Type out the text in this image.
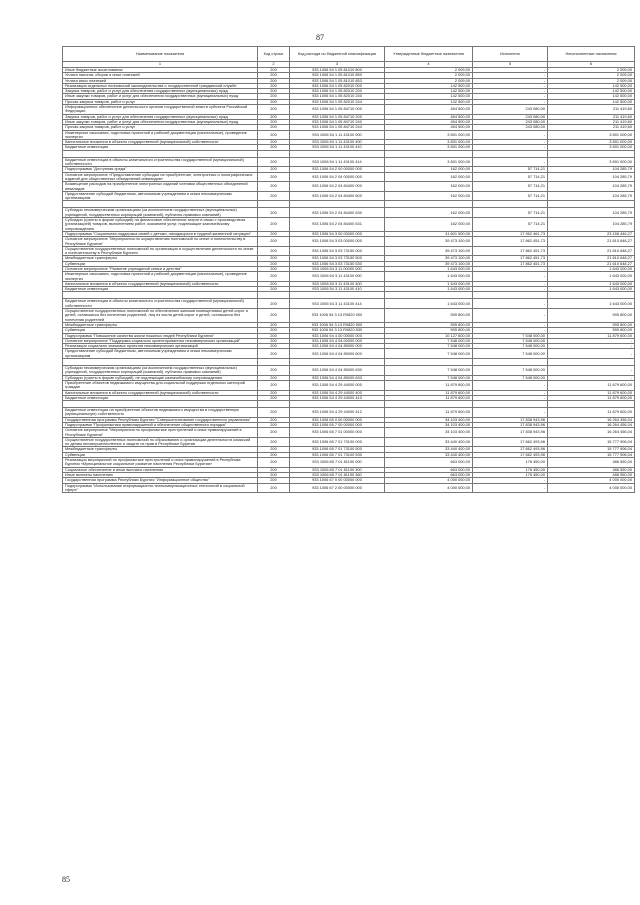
87
Наименование показателя	Код строки	Код расхода по бюджетной классификации	Утвержденные бюджетные назначения	Исполнено	Неисполненные назначения
1	2	3	4	5	6
Иные бюджетные ассигнования	200	933 1006 54 1 05 81010 800	2 009,00	-	2 009,00
Уплата налогов, сборов и иных платежей	200	933 1006 54 1 05 81010 850	2 009,00	-	2 009,00
Уплата иных платежей	200	933 1006 54 1 05 81010 853	2 009,00	-	2 009,00
Реализация отдельных полномочий законодательства о государственной гражданской службе	200	933 1006 54 1 05 82010 000	142 500,00	-	142 500,00
Закупка товаров, работ и услуг для обеспечения государственных (муниципальных) нужд	200	933 1006 54 1 05 82010 200	142 500,00	-	142 500,00
Иные закупки товаров, работ и услуг для обеспечения государственных (муниципальных) нужд	200	933 1006 54 1 05 82010 240	142 500,00	-	142 500,00
Прочая закупка товаров, работ и услуг	200	933 1006 54 1 05 82010 244	142 500,00	-	142 500,00
Информационное обеспечение деятельности органов государственной власти субъекта Российской Федерации	200	933 1006 54 1 05 84710 000	454 500,00	243 080,00	211 419,60
Закупка товаров, работ и услуг для обеспечения государственных (муниципальных) нужд	200	933 1006 54 1 05 84710 200	454 500,00	243 080,00	211 419,60
Иные закупки товаров, работ и услуг для обеспечения государственных (муниципальных) нужд	200	933 1006 54 1 05 84710 240	454 500,00	243 080,00	211 419,60
Прочая закупка товаров, работ и услуг	200	933 1006 54 1 05 84710 244	454 500,00	243 080,00	211 419,60
Инженерные изыскания, подготовка проектной и рабочей документации (капитальные), проведение экспертиз	200	933 1006 54 1 11 43100 000	3 801 000,00	-	3 801 000,00
Капитальные вложения в объекты государственной (муниципальной) собственности	200	933 1006 54 1 11 43100 400	3 801 000,00	-	3 801 000,00
Бюджетные инвестиции	200	933 1006 54 1 11 43100 410	3 801 000,00	-	3 801 000,00

Бюджетные инвестиции в объекты капитального строительства государственной (муниципальной) собственности	200	933 1006 54 1 11 43100 414	3 801 000,00	-	3 801 000,00
Подпрограмма "Доступная среда"	200	933 1006 54 2 00 00000 000	162 000,00	57 714,21	104 285,79
Основное мероприятие «Предоставление субсидии на приобретение, электронных и полиграфических изданий для общественных объединений инвалидов»	200	933 1006 54 2 04 00000 000	162 000,00	57 714,21	104 285,79
Возмещение расходов на приобретение электронных изданий членами общественных объединений инвалидов	200	933 1006 54 2 04 84400 000	162 000,00	57 714,21	104 285,79
Предоставление субсидий бюджетным, автономным учреждениям и иным некоммерческим организациям	200	933 1006 54 2 04 84400 600	162 000,00	57 714,21	104 285,79

Субсидии некоммерческим организациям (за исключением государственных (муниципальных) учреждений, государственных корпораций (компаний), публично-правовых компаний)	200	933 1006 54 2 04 84400 630	162 000,00	57 714,21	104 285,79
Субсидии (гранты в форме субсидий) на финансовое обеспечение затрат в связи с производством (реализацией) товаров, выполнением работ, оказанием услуг, подлежащие казначейскому сопровождению	200	933 1006 54 2 04 84400 631	162 000,00	57 714,21	104 285,79
Подпрограмма "Социальная поддержка семей с детьми, находящихся в трудной жизненной ситуации"	200	933 1006 54 3 00 00000 000	41 601 500,00	17 962 461,73	23 156 446,27
Основное мероприятие "Мероприятия по осуществлению полномочий по опеке и попечительству в Республике Бурятия"	200	933 1006 54 3 03 00000 000	39 473 100,00	17 862 451,73	21 610 648,27
Осуществление государственных полномочий по организации и осуществлению деятельности по опеке и попечительству в Республике Бурятия	200	933 1006 54 3 03 73150 000	39 473 100,00	17 862 451,73	21 610 648,27
Межбюджетные трансферты	200	933 1006 54 3 03 73150 500	39 473 100,00	17 862 451,73	21 610 648,27
Субвенции	200	933 1006 54 3 03 73150 530	39 473 100,00	17 862 451,73	21 610 648,27
Основное мероприятие "Развитие учреждений семьи и детства"	200	933 1006 54 3 11 00000 000	1 643 000,00	-	1 643 000,00
Инженерные изыскания, подготовка проектной и рабочей документации (капитальные), проведение экспертиз	200	933 1006 54 3 11 43100 000	1 643 000,00	-	1 643 000,00
Капитальные вложения в объекты государственной (муниципальной) собственности	200	933 1006 54 3 11 43100 400	1 643 000,00	-	1 643 000,00
Бюджетные инвестиции	200	933 1006 54 3 11 43100 410	1 643 000,00	-	1 643 000,00

Бюджетные инвестиции в объекты капитального строительства государственной (муниципальной) собственности	200	933 1006 54 3 11 43100 414	1 643 000,00	-	1 643 000,00
Осуществление государственных полномочий по обеспечению жилыми помещениями детей-сирот и детей, оставшихся без попечения родителей, лиц из числа детей-сирот и детей, оставшихся без попечения родителей	200	933 1006 54 3 13 R0820 000	595 800,00	-	595 800,00
Межбюджетные трансферты	200	933 1006 54 3 13 R0820 500	595 800,00	-	595 800,00
Субвенции	200	933 1006 54 3 13 R0820 530	595 800,00	-	595 800,00
Подпрограмма "Повышение качества жизни пожилых людей Республики Бурятия"	200	933 1006 54 4 00 00000 000	10 127 600,00	7 548 000,00	11 879 600,00
Основное мероприятие "Поддержка социально ориентированных некоммерческих организаций"	200	933 1006 54 4 04 00000 000	7 548 000,00	7 548 000,00	-
Реализация социально значимых проектов некоммерческих организаций	200	933 1006 54 4 04 85000 000	7 548 000,00	7 548 000,00	-
Предоставление субсидий бюджетным, автономным учреждениям и иным некоммерческим организациям	200	933 1006 54 4 04 85000 600	7 548 000,00	7 548 000,00	-

Субсидии некоммерческим организациям (за исключением государственных (муниципальных) учреждений, государственных корпораций (компаний), публично-правовых компаний)	200	933 1006 54 4 04 85000 630	7 548 000,00	7 548 000,00	-
Субсидии (гранты в форме субсидий), не подлежащие казначейскому сопровождению	200	933 1006 54 4 04 85000 633	7 548 000,00	7 548 000,00	-
Приобретение объектов недвижимого имущества для социальной поддержки отдельных категорий граждан	200	933 1006 54 4 29 44000 000	11 879 600,00	-	11 879 600,00
Капитальные вложения в объекты государственной (муниципальной) собственности	200	933 1006 54 4 29 44000 400	11 879 600,00	-	11 879 600,00
Бюджетные инвестиции	200	933 1006 54 4 29 44000 410	11 879 600,00	-	11 879 600,00

Бюджетные инвестиции на приобретение объектов недвижимого имущества в государственную (муниципальную) собственность	200	933 1006 54 4 29 44000 412	11 879 600,00	-	11 879 600,00
Государственная программа Республики Бурятия "Совершенствование государственного управления"	200	933 1006 65 0 00 00000 000	34 103 400,00	17 838 943,96	16 264 456,04
Подпрограмма "Профилактика правонарушений и обеспечение общественного порядка"	200	933 1006 65 7 00 00000 000	34 103 400,00	17 838 943,96	16 264 456,04
Основное мероприятие "Мероприятия по профилактике преступлений и иных правонарушений в Республике Бурятия"	200	933 1006 65 7 01 00000 000	34 103 400,00	17 838 943,96	16 264 456,04
Осуществление государственных полномочий по образованию и организации деятельности комиссий по делам несовершеннолетних и защите их прав в Республике Бурятия	200	933 1006 65 7 01 73100 000	33 440 400,00	17 662 493,96	15 777 906,04
Межбюджетные трансферты	200	933 1006 65 7 01 73100 500	33 440 400,00	17 662 493,96	15 777 906,04
Субвенции	200	933 1006 65 7 01 73100 530	33 440 400,00	17 662 493,96	15 777 906,04
Реализация мероприятий по профилактике преступлений и иных правонарушений в Республике Бурятия «Муниципальное социальное развитие населения Республики Бурятия»	200	933 1006 65 7 01 81190 000	663 000,00	176 450,00	486 550,00
Социальное обеспечение и иные выплаты населению	200	933 1006 65 7 01 81190 300	663 000,00	176 450,00	486 550,00
Иные выплаты населению	200	933 1006 65 7 01 81190 360	663 000,00	176 450,00	486 550,00
Государственная программа Республики Бурятия "Информационное общество"	200	933 1006 67 0 00 00000 000	4 000 000,00	-	4 000 000,00
Подпрограмма "Использование информационно-телекоммуникационных технологий в социальной сфере"	200	933 1006 67 2 00 00000 000	4 000 000,00	-	4 000 000,00
85
